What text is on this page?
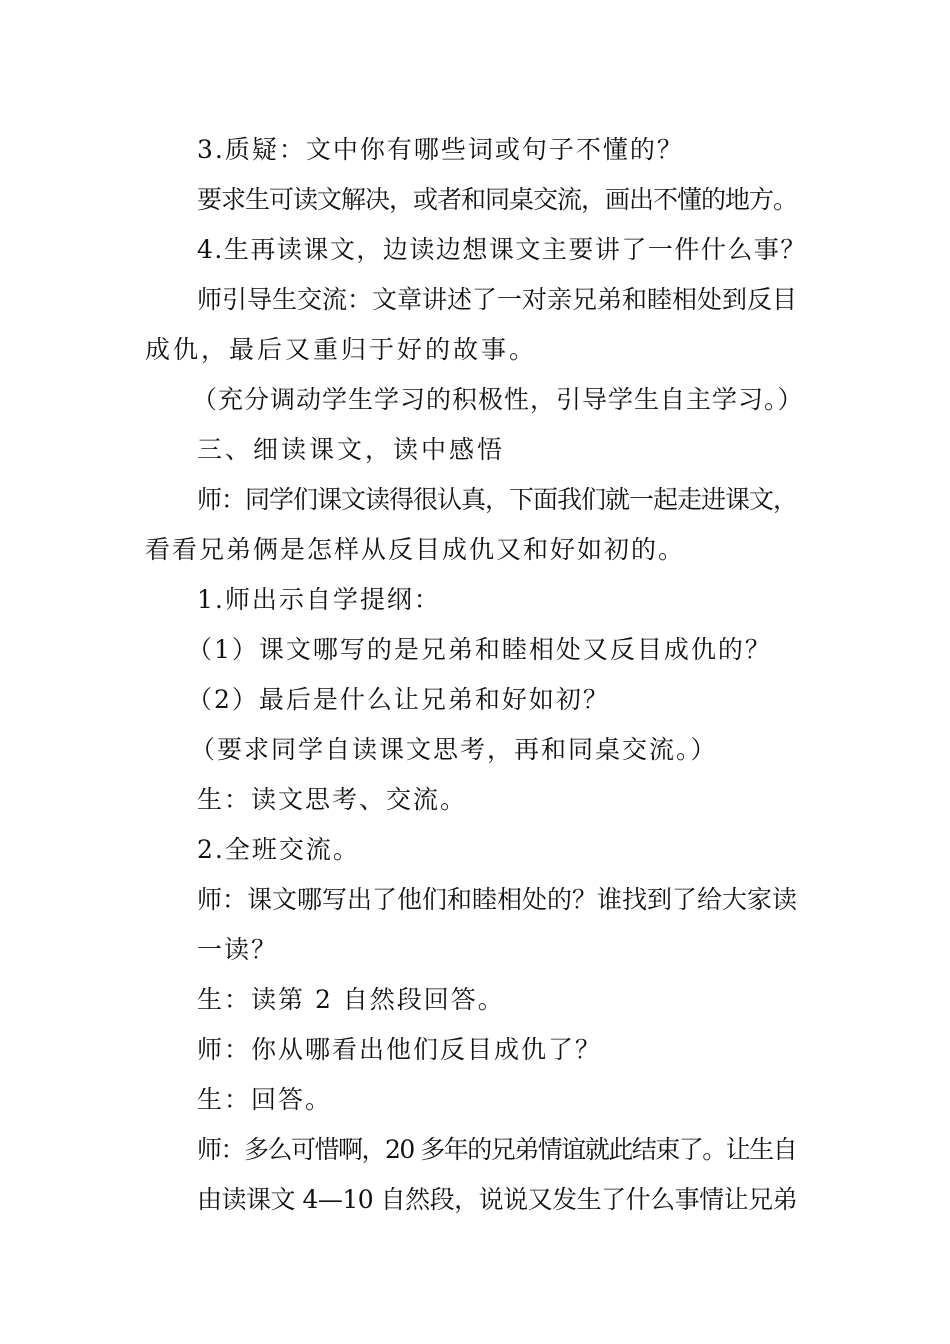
3.质疑：文中你有哪些词或句子不懂的？
要求生可读文解决，或者和同桌交流，画出不懂的地方。
4.生再读课文，边读边想课文主要讲了一件什么事？
师引导生交流：文章讲述了一对亲兄弟和睦相处到反目
成仇，最后又重归于好的故事。
（充分调动学生学习的积极性，引导学生自主学习。）
三、细读课文，读中感悟
师：同学们课文读得很认真，下面我们就一起走进课文，
看看兄弟俩是怎样从反目成仇又和好如初的。
1.师出示自学提纲：
（1）课文哪写的是兄弟和睦相处又反目成仇的？
（2）最后是什么让兄弟和好如初？
（要求同学自读课文思考，再和同桌交流。）
生：读文思考、交流。
2.全班交流。
师：课文哪写出了他们和睦相处的？谁找到了给大家读
一读？
生：读第 2 自然段回答。
师：你从哪看出他们反目成仇了？
生：回答。
师：多么可惜啊，20 多年的兄弟情谊就此结束了。让生自
由读课文 4—10 自然段，说说又发生了什么事情让兄弟
